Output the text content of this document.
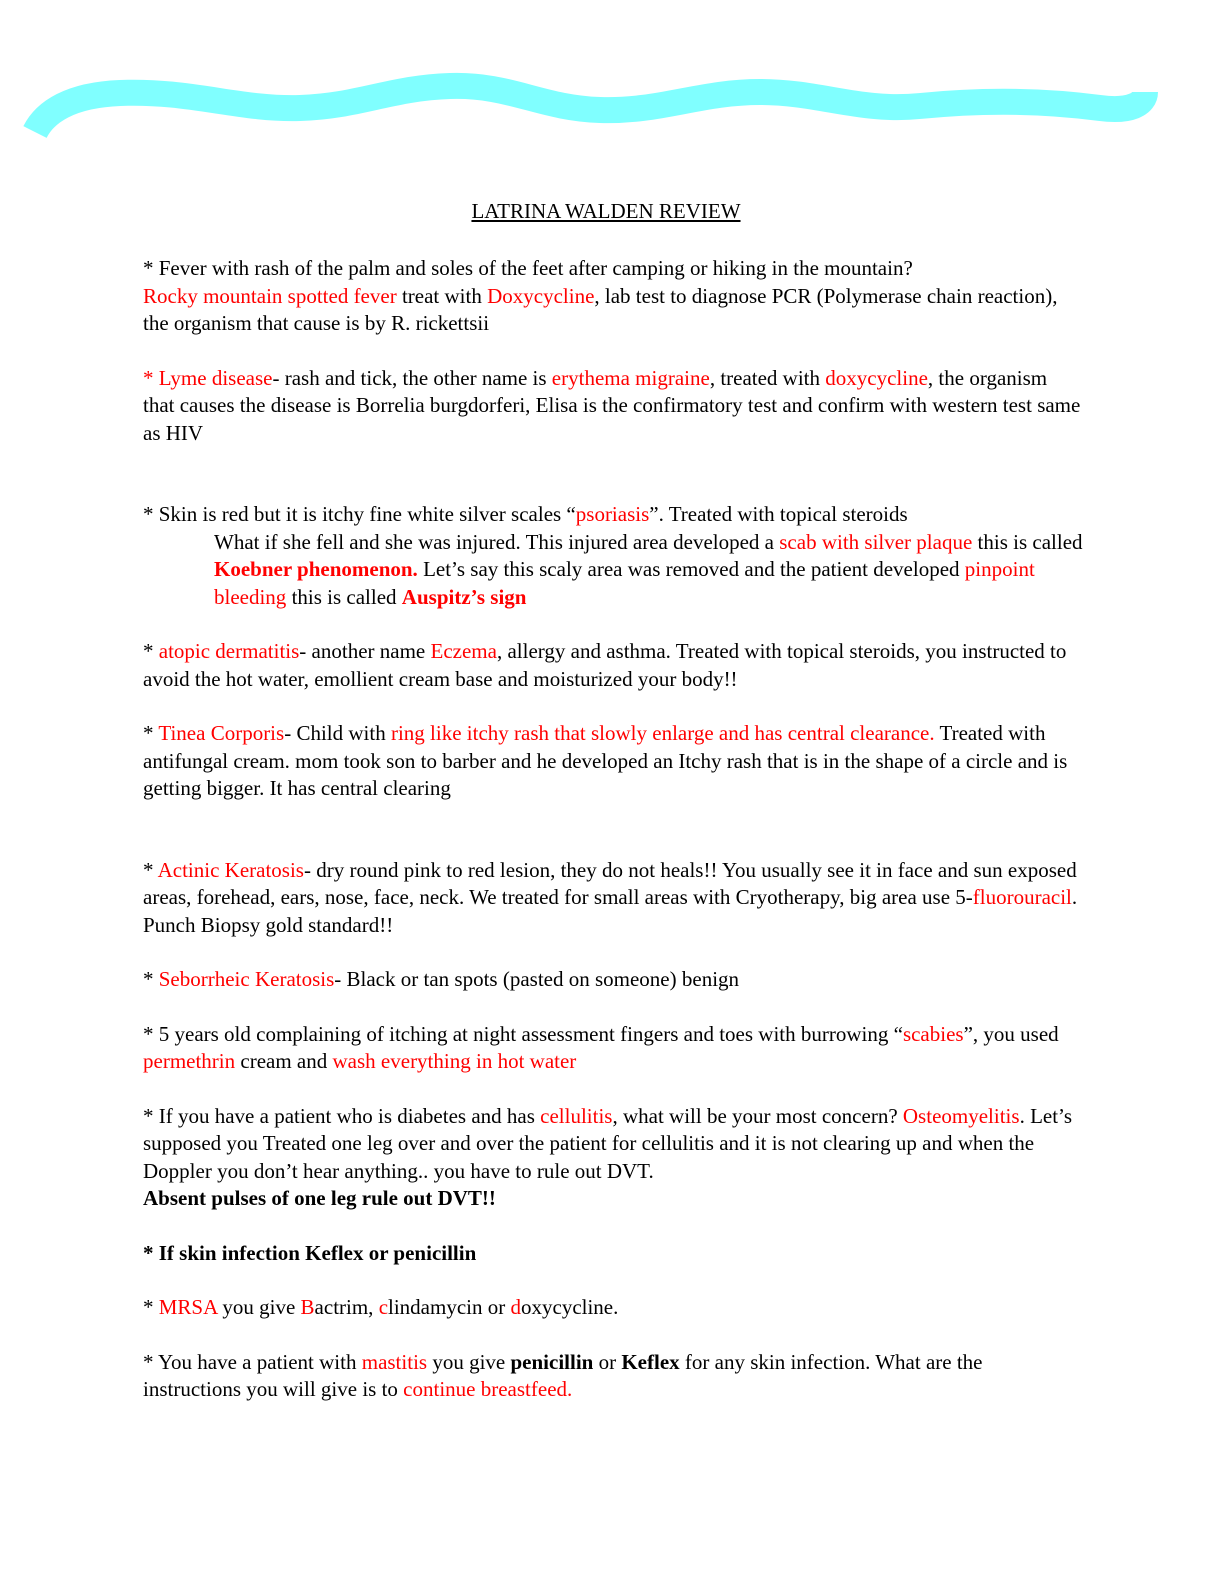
LATRINA WALDEN REVIEW

* Fever with rash of the palm and soles of the feet after camping or hiking in the mountain?
Rocky mountain spotted fever treat with Doxycycline, lab test to diagnose PCR (Polymerase chain reaction), the organism that cause is by R. rickettsii

* Lyme disease- rash and tick, the other name is erythema migraine, treated with doxycycline, the organism that causes the disease is Borrelia burgdorferi, Elisa is the confirmatory test and confirm with western test same as HIV

* Skin is red but it is itchy fine white silver scales “psoriasis”. Treated with topical steroids

What if she fell and she was injured. This injured area developed a scab with silver plaque this is called Koebner phenomenon. Let’s say this scaly area was removed and the patient developed pinpoint bleeding this is called Auspitz’s sign

* atopic dermatitis- another name Eczema, allergy and asthma. Treated with topical steroids, you instructed to avoid the hot water, emollient cream base and moisturized your body!!

* Tinea Corporis- Child with ring like itchy rash that slowly enlarge and has central clearance. Treated with antifungal cream. mom took son to barber and he developed an Itchy rash that is in the shape of a circle and is getting bigger. It has central clearing

* Actinic Keratosis- dry round pink to red lesion, they do not heals!! You usually see it in face and sun exposed areas, forehead, ears, nose, face, neck. We treated for small areas with Cryotherapy, big area use 5-fluorouracil. Punch Biopsy gold standard!!

* Seborrheic Keratosis- Black or tan spots (pasted on someone) benign

* 5 years old complaining of itching at night assessment fingers and toes with burrowing “scabies”, you used permethrin cream and wash everything in hot water

* If you have a patient who is diabetes and has cellulitis, what will be your most concern? Osteomyelitis. Let’s supposed you Treated one leg over and over the patient for cellulitis and it is not clearing up and when the Doppler you don’t hear anything.. you have to rule out DVT.
Absent pulses of one leg rule out DVT!!

* If skin infection Keflex or penicillin

* MRSA you give Bactrim, clindamycin or doxycycline.

* You have a patient with mastitis you give penicillin or Keflex for any skin infection. What are the instructions you will give is to continue breastfeed.
